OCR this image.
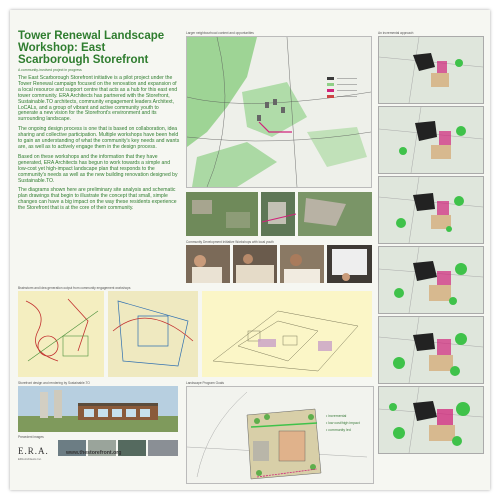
Tower Renewal Landscape Workshop: East Scarborough Storefront
A community-involved project in progress

The East Scarborough Storefront initiative is a pilot project under the Tower Renewal campaign focused on the renovation and expansion of a local resource and support centre that acts as a hub for this east end tower community. ERA Architects has partnered with the Storefront, Sustainable.TO architects, community engagement leaders Architext, LoCALs, and a group of vibrant and active community youth to generate a new vision for the Storefront's environment and its surrounding landscape.

The ongoing design process is one that is based on collaboration, idea sharing and collective participation. Multiple workshops have been held to gain an understanding of what the community's key needs and wants are, as well as to actively engage them in the design process.

Based on these workshops and the information that they have generated, ERA Architects has begun to work towards a simple and low-cost yet high-impact landscape plan that responds to the community's needs as well as the new building renovation designed by Sustainable.TO.

The diagrams shown here are preliminary site analysis and schematic plan drawings that begin to illustrate the concept that small, simple changes can have a big impact on the way these residents experience the Storefront that is at the core of their community.

Larger neighbourhood context and opportunities
Community Development Initiative Workshops with local youth
Brainstorm and idea generation output from community engagement workshops
Storefront design and rendering by Sustainable.TO
Precedent images
E.R.A.
ERA Architects Inc.
www.thestorefront.org
Landscape Program Goals
• incremental
• low cost/high impact
• community led
An incremental approach
